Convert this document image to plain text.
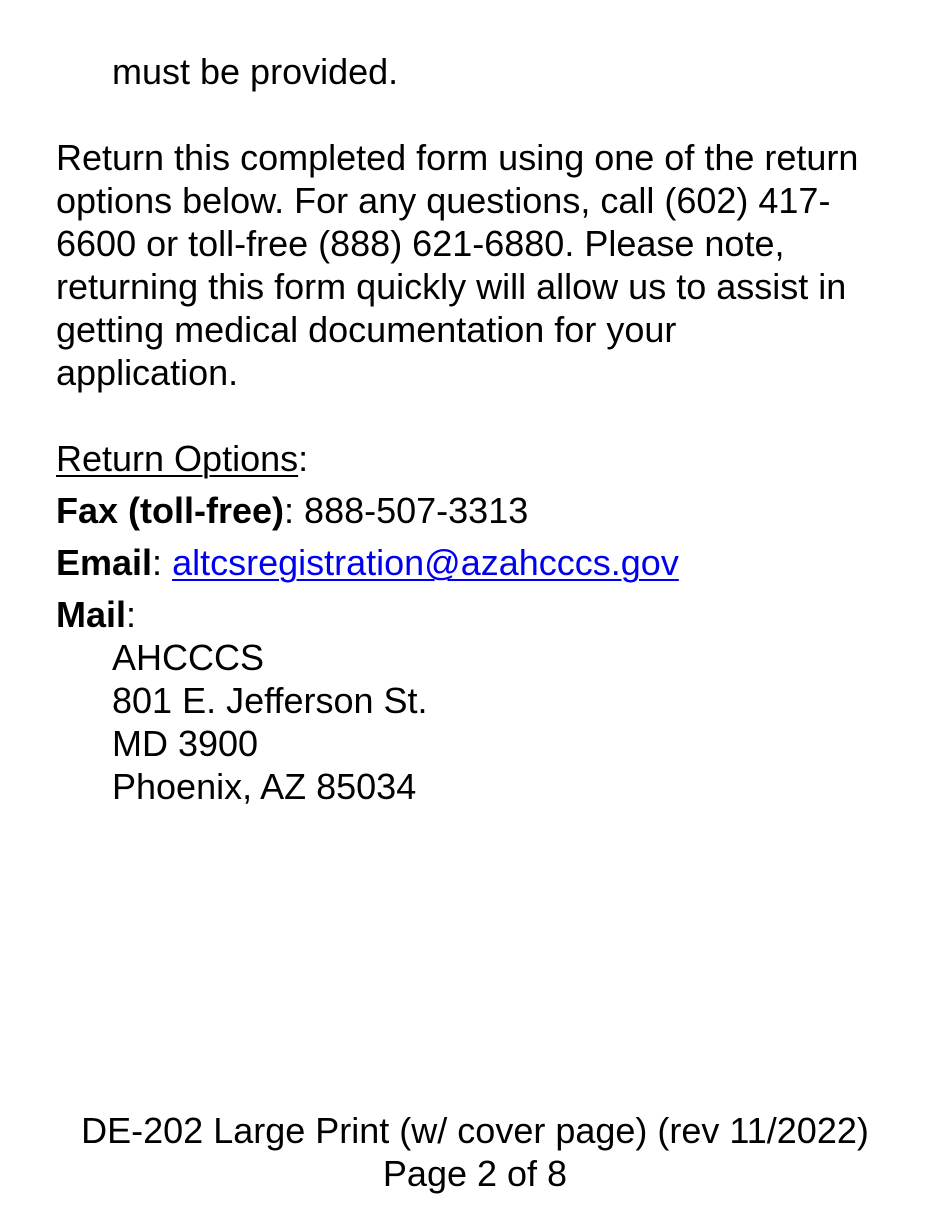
must be provided.
Return this completed form using one of the return
options below. For any questions, call (602) 417-
6600 or toll-free (888) 621-6880. Please note,
returning this form quickly will allow us to assist in
getting medical documentation for your
application.
Return Options:
Fax (toll-free): 888-507-3313
Email: altcsregistration@azahcccs.gov
Mail:
AHCCCS
801 E. Jefferson St.
MD 3900
Phoenix, AZ 85034
DE-202 Large Print (w/ cover page) (rev 11/2022)
Page 2 of 8
